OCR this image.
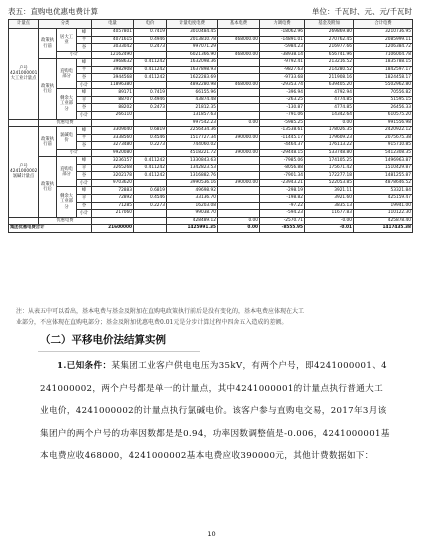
表五：直购电优惠电费计算	单位：千瓦时、元、元/千瓦时
计量点	分类			电量	电价	计量电度电费	基本电费	力调电费	基金及附加	合计电费
户号4241000001大工业计量点	政策执行前	居大工业	峰	4057801	0.7419	3010484.45		-18062.96	269869.80	3210736.95
			平	4071615	0.4946	2013810.78	468000.00	-14891.01	270762.45	2085999.11
			谷	3033042	0.2473	997071.29		-5984.23	216977.66	1206384.72
		小计		12162490		6021366.90	468000.00	-38938.14	656741.96	7106004.78
	政策执行后	直购电部分	峰	3968632	0.411242	1632098.36		-9792.41	213216.52	1835788.15
			平	3982908	0.411242	1637898.93		-9827.63	214280.52	1842597.17
			谷	3944568	0.411242	1622283.69		-9733.68	211908.16	1824458.17
			小计	11896380		4892280.98	468000.00	-29353.74	639405.20	5502962.80
		剩余大工业部分	峰	89171	0.7419	66155.96		-396.94	4792.94	70556.82
			平	88707	0.4946	43874.48		-263.25	4774.85	51595.15
			谷	88202	0.2473	21812.35		-130.87	4774.85	26456.33
			小计	266110		131857.63		-791.06	14342.64	610575.20
	优惠电费					997542.23	0.00	-5985.25	0.00	991556.98
户号4241000002氯碱计量点	政策执行前	氯碱电价	峰	3309040	0.6819	2256434.36		-13538.61	178026.35	2420922.12
			平	3338560	0.4546	1517727.34	390000.00	-11445.17	179609.23	2075675.38
			谷	3273480	0.2273	744060.02		-4464.37	176113.22	915710.85
		小计		9920080		4518221.72	390000.00	-29448.15	533748.80	5412308.35
	政策执行后	直购电部分	峰	3236157	0.411242	1330843.63		-7985.06	174105.25	1496963.87
			平	3265268	0.411242	1342823.53		-8056.88	175671.42	1510429.87
			谷	3202178	0.411242	1316882.76		-7901.34	172277.18	1481255.87
			小计	9703620		3990536.16	390000.00	-23943.21	522053.85	4878646.52
		剩余大工业部分	峰	72883	0.6819	49698.92		-298.19	3921.11	53321.84
			平	72892	0.4546	33136.70		-198.82	3921.60	425159.47
			谷	71285	0.2273	16203.08		-97.22	3835.13	19941.00
			小计	217060		99038.70		-594.23	11677.83	110122.30
	优惠电费					428489.12	0.00	-2570.71	-0.00	425878.40
集团优惠电费合计				21600000		1425991.35	0.00	-8555.95	-0.01	1417435.38
注：从表五中可以看出，基本电费与基金及附加在直购电政策执行前后是没有变化的，基本电费应体现在大工
业部分，不应体现在直购电部分；基金及附加优惠电费0.01元是分步计算过程中四舍五入造成的差额。
（二）平移电价法结算实例
1.已知条件：某集团工业客户供电电压为35kV，有两个户号，即4241000001、4241000002，两个户号都是单一的计量点，其中4241000001的计量点执行普通大工业电价，4241000002的计量点执行氯碱电价。该客户参与直购电交易，2017年3月该集团户的两个户号的功率因数都是是0.94，功率因数调整值是-0.006，4241000001基本电费应收468000，4241000002基本电费应收390000元，其他计费数据如下：
10
